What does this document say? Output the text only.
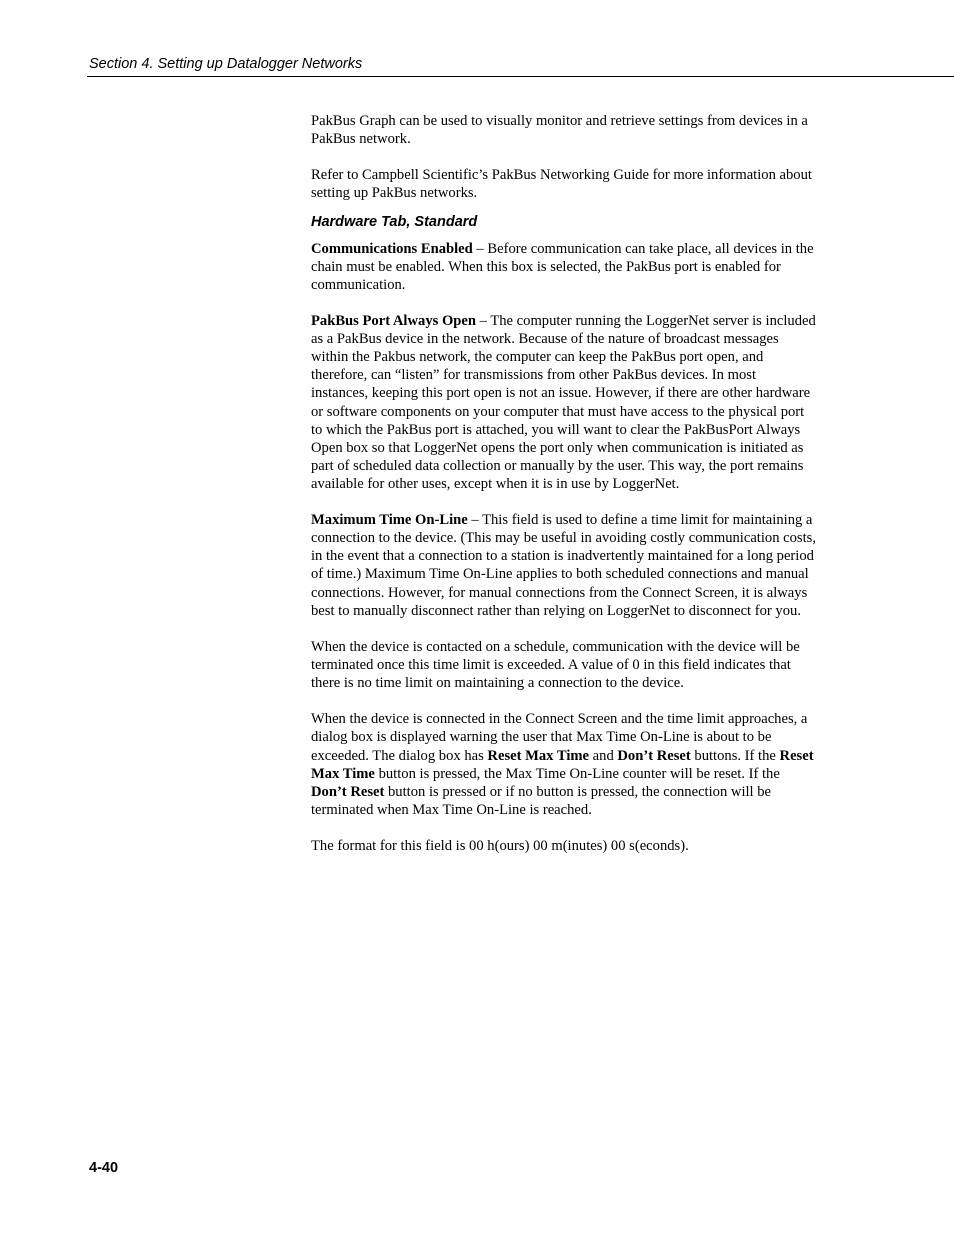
Section 4. Setting up Datalogger Networks

PakBus Graph can be used to visually monitor and retrieve settings from devices in a PakBus network.

Refer to Campbell Scientific’s PakBus Networking Guide for more information about setting up PakBus networks.

Hardware Tab, Standard

Communications Enabled – Before communication can take place, all devices in the chain must be enabled. When this box is selected, the PakBus port is enabled for communication.

PakBus Port Always Open – The computer running the LoggerNet server is included as a PakBus device in the network. Because of the nature of broadcast messages within the Pakbus network, the computer can keep the PakBus port open, and therefore, can “listen” for transmissions from other PakBus devices. In most instances, keeping this port open is not an issue. However, if there are other hardware or software components on your computer that must have access to the physical port to which the PakBus port is attached, you will want to clear the PakBusPort Always Open box so that LoggerNet opens the port only when communication is initiated as part of scheduled data collection or manually by the user. This way, the port remains available for other uses, except when it is in use by LoggerNet.

Maximum Time On-Line – This field is used to define a time limit for maintaining a connection to the device. (This may be useful in avoiding costly communication costs, in the event that a connection to a station is inadvertently maintained for a long period of time.) Maximum Time On-Line applies to both scheduled connections and manual connections. However, for manual connections from the Connect Screen, it is always best to manually disconnect rather than relying on LoggerNet to disconnect for you.

When the device is contacted on a schedule, communication with the device will be terminated once this time limit is exceeded. A value of 0 in this field indicates that there is no time limit on maintaining a connection to the device.

When the device is connected in the Connect Screen and the time limit approaches, a dialog box is displayed warning the user that Max Time On-Line is about to be exceeded. The dialog box has Reset Max Time and Don’t Reset buttons. If the Reset Max Time button is pressed, the Max Time On-Line counter will be reset. If the Don’t Reset button is pressed or if no button is pressed, the connection will be terminated when Max Time On-Line is reached.

The format for this field is 00 h(ours) 00 m(inutes) 00 s(econds).

4-40
